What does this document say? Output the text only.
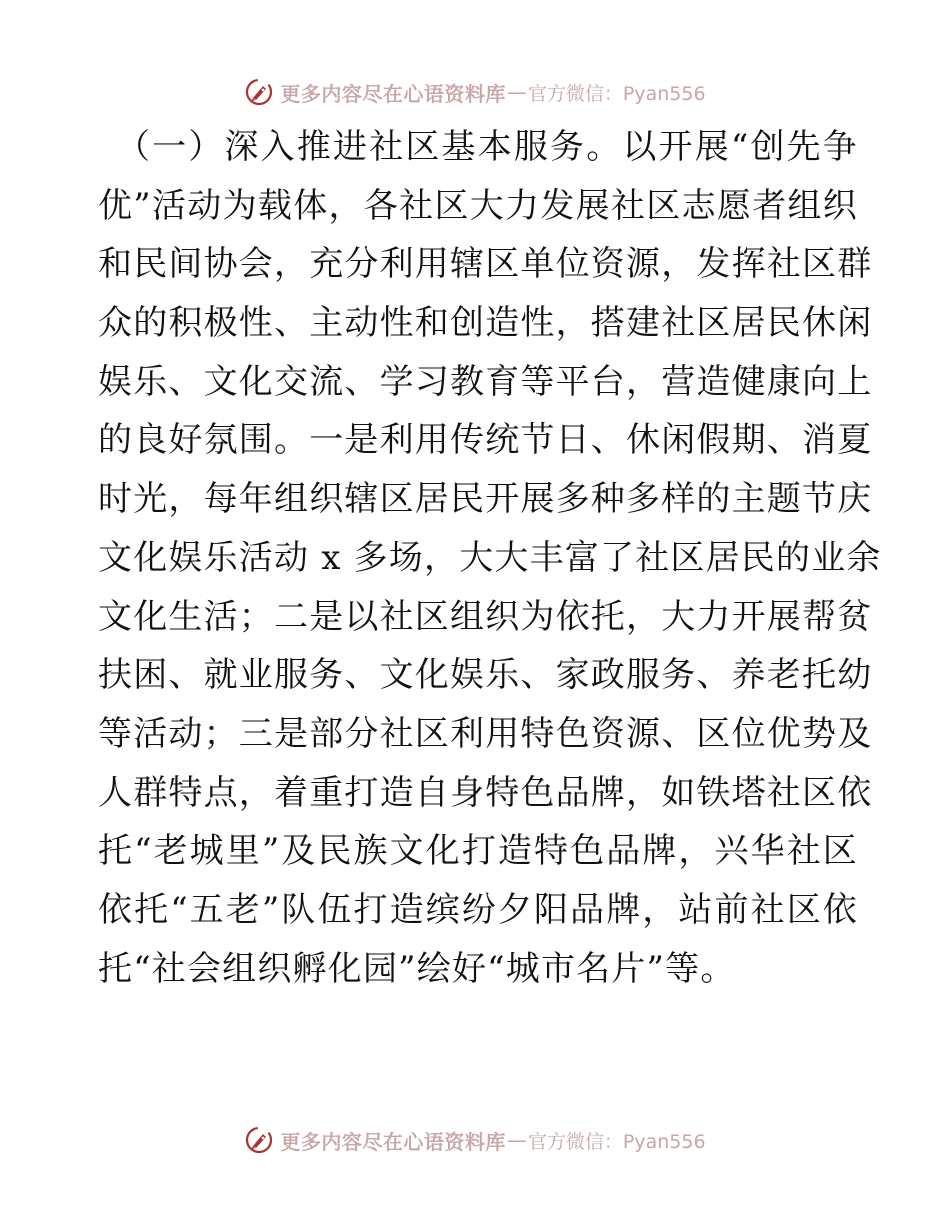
更多内容尽在心语资料库 — 官方微信：Pyan556
（一）深入推进社区基本服务。以开展“创先争
优”活动为载体，各社区大力发展社区志愿者组织
和民间协会，充分利用辖区单位资源，发挥社区群
众的积极性、主动性和创造性，搭建社区居民休闲
娱乐、文化交流、学习教育等平台，营造健康向上
的良好氛围。一是利用传统节日、休闲假期、消夏
时光，每年组织辖区居民开展多种多样的主题节庆
文化娱乐活动 x 多场，大大丰富了社区居民的业余
文化生活；二是以社区组织为依托，大力开展帮贫
扶困、就业服务、文化娱乐、家政服务、养老托幼
等活动；三是部分社区利用特色资源、区位优势及
人群特点，着重打造自身特色品牌，如铁塔社区依
托“老城里”及民族文化打造特色品牌，兴华社区
依托“五老”队伍打造缤纷夕阳品牌，站前社区依
托“社会组织孵化园”绘好“城市名片”等。
更多内容尽在心语资料库 — 官方微信：Pyan556
